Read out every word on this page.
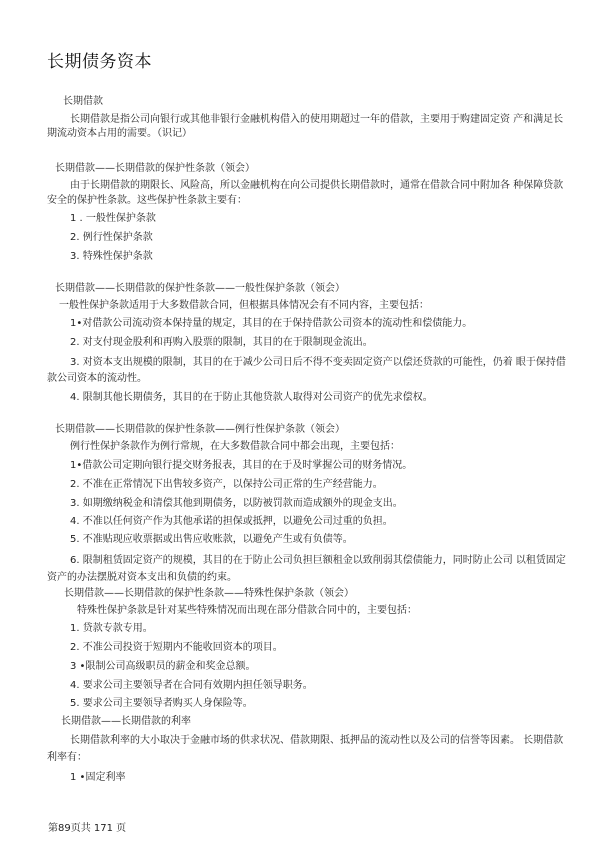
长期债务资本
长期借款
长期借款是指公司向银行或其他非银行金融机构借入的使用期超过一年的借款，主要用于购建固定资 产和满足长
期流动资本占用的需要。（识记）
长期借款——长期借款的保护性条款（领会）
由于长期借款的期限长、风险高，所以金融机构在向公司提供长期借款时，通常在借款合同中附加各 种保障贷款
安全的保护性条款。这些保护性条款主要有：
1 . 一般性保护条款
2. 例行性保护条款
3. 特殊性保护条款
长期借款——长期借款的保护性条款——一般性保护条款（领会）
一般性保护条款适用于大多数借款合同，但根据具体情况会有不同内容，主要包括：
1•对借款公司流动资本保持量的规定，其目的在于保持借款公司资本的流动性和偿债能力。
2. 对支付现金股利和再购入股票的限制，其目的在于限制现金流出。
3. 对资本支出规模的限制，其目的在于减少公司日后不得不变卖固定资产以偿还贷款的可能性，仍着 眼于保持借
款公司资本的流动性。
4. 限制其他长期债务，其目的在于防止其他贷款人取得对公司资产的优先求偿权。
长期借款——长期借款的保护性条款——例行性保护条款（领会）
例行性保护条款作为例行常规，在大多数借款合同中都会出现，主要包括：
1•借款公司定期向银行提交财务报表，其目的在于及时掌握公司的财务情况。
2. 不准在正常情况下出售较多资产，以保持公司正常的生产经营能力。
3. 如期缴纳税金和清偿其他到期债务，以防被罚款而造成额外的现金支出。
4. 不准以任何资产作为其他承诺的担保或抵押，以避免公司过重的负担。
5. 不准贴现应收票据或出售应收账款，以避免产生或有负债等。
6. 限制租赁固定资产的规模，其目的在于防止公司负担巨额租金以致削弱其偿债能力，同时防止公司 以租赁固定
资产的办法摆脱对资本支出和负债的约束。
长期借款——长期借款的保护性条款——特殊性保护条款（领会）
特殊性保护条款是针对某些特殊情况而出现在部分借款合同中的，主要包括：
1. 贷款专款专用。
2. 不准公司投资于短期内不能收回资本的项目。
3 •限制公司高级职员的薪金和奖金总额。
4. 要求公司主要领导者在合同有效期内担任领导职务。
5. 要求公司主要领导者购买人身保险等。
长期借款——长期借款的利率
长期借款利率的大小取决于金融市场的供求状况、借款期限、抵押品的流动性以及公司的信誉等因素。 长期借款
利率有：
1 •固定利率
第89页共 171 页
